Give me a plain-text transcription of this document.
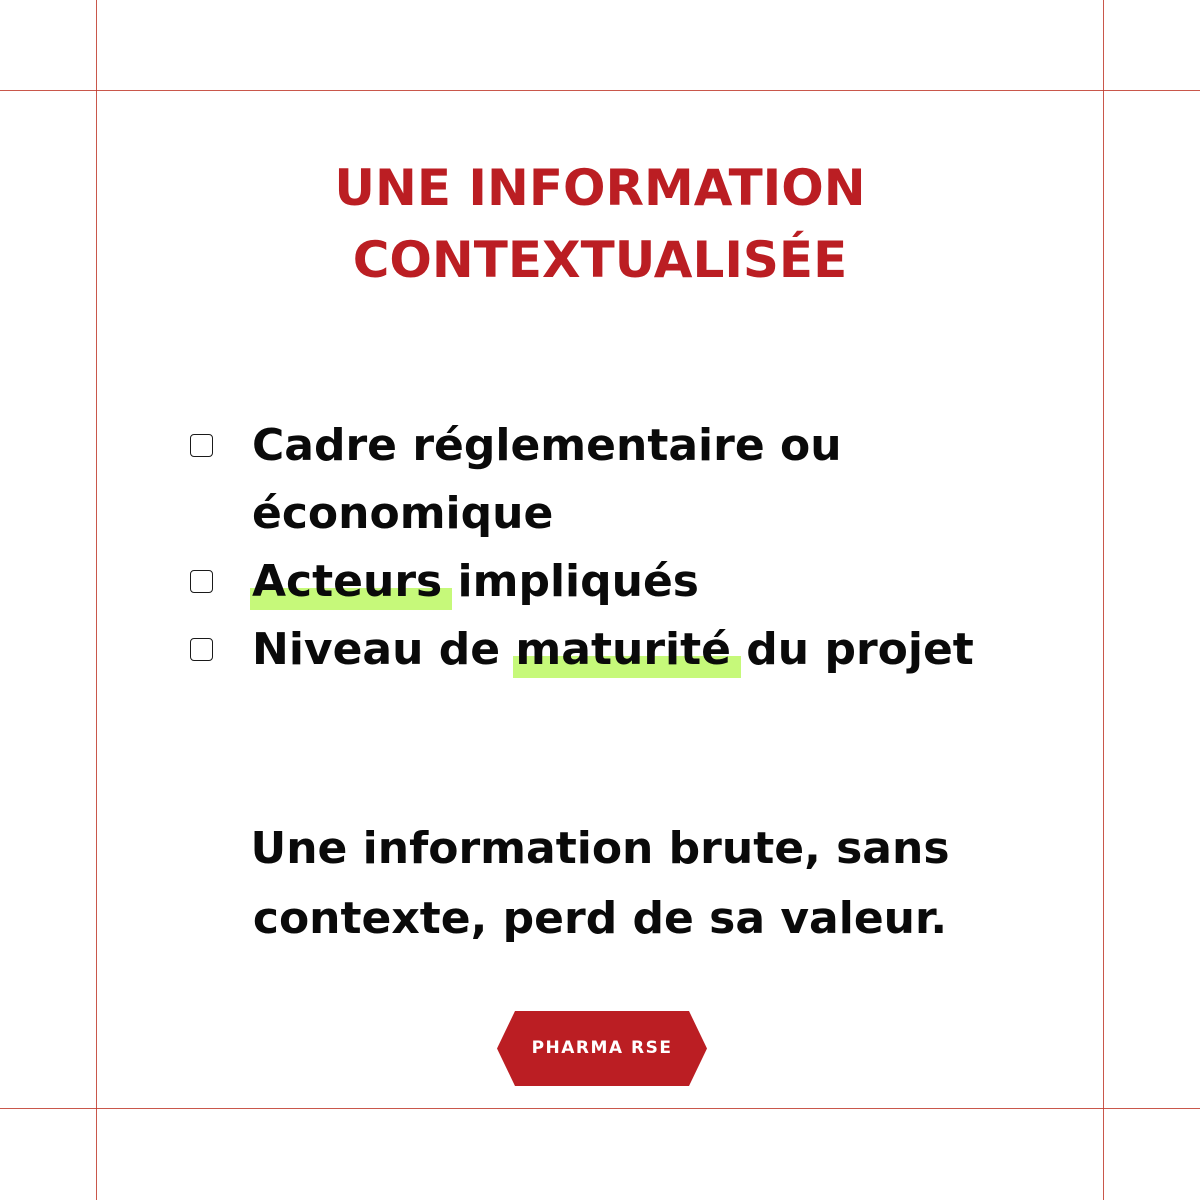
UNE INFORMATION
CONTEXTUALISÉE
Cadre réglementaire ou
économique
Acteurs impliqués
Niveau de maturité du projet

Une information brute, sans
contexte, perd de sa valeur.

PHARMA RSE
